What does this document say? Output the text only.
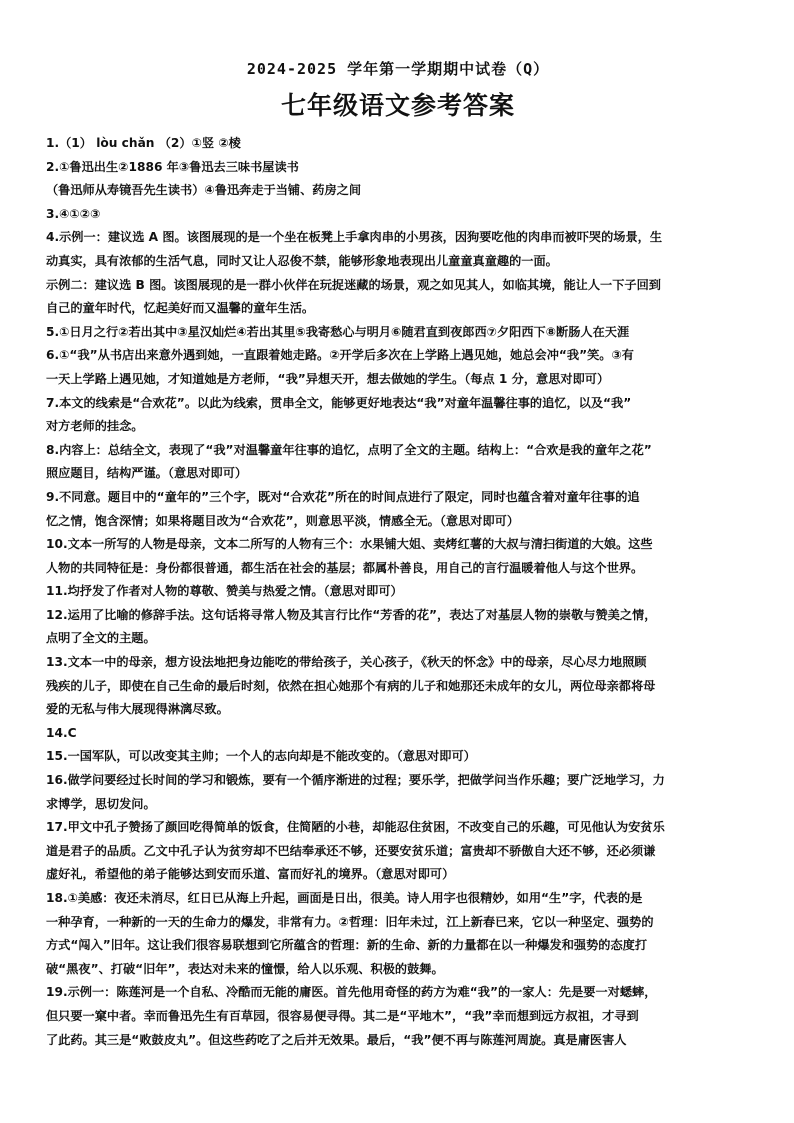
2024-2025 学年第一学期期中试卷（Q）
七年级语文参考答案
1.（1） lòu chǎn （2）①竖 ②棱
2.①鲁迅出生②1886 年③鲁迅去三味书屋读书
（鲁迅师从寿镜吾先生读书）④鲁迅奔走于当铺、药房之间
3.④①②③
4.示例一：建议选 A 图。该图展现的是一个坐在板凳上手拿肉串的小男孩，因狗要吃他的肉串而被吓哭的场景，生
动真实，具有浓郁的生活气息，同时又让人忍俊不禁，能够形象地表现出儿童童真童趣的一面。
示例二：建议选 B 图。该图展现的是一群小伙伴在玩捉迷藏的场景，观之如见其人，如临其境，能让人一下子回到
自己的童年时代，忆起美好而又温馨的童年生活。
5.①日月之行②若出其中③星汉灿烂④若出其里⑤我寄愁心与明月⑥随君直到夜郎西⑦夕阳西下⑧断肠人在天涯
6.①“我”从书店出来意外遇到她，一直跟着她走路。②开学后多次在上学路上遇见她，她总会冲“我”笑。③有
一天上学路上遇见她，才知道她是方老师，“我”异想天开，想去做她的学生。（每点 1 分，意思对即可）
7.本文的线索是“合欢花”。以此为线索，贯串全文，能够更好地表达“我”对童年温馨往事的追忆，以及“我”
对方老师的挂念。
8.内容上：总结全文，表现了“我”对温馨童年往事的追忆，点明了全文的主题。结构上：“合欢是我的童年之花”
照应题目，结构严谨。（意思对即可）
9.不同意。题目中的“童年的”三个字，既对“合欢花”所在的时间点进行了限定，同时也蕴含着对童年往事的追
忆之情，饱含深情；如果将题目改为“合欢花”，则意思平淡，情感全无。（意思对即可）
10.文本一所写的人物是母亲，文本二所写的人物有三个：水果铺大姐、卖烤红薯的大叔与清扫街道的大娘。这些
人物的共同特征是：身份都很普通，都生活在社会的基层；都属朴善良，用自己的言行温暖着他人与这个世界。
11.均抒发了作者对人物的尊敬、赞美与热爱之情。（意思对即可）
12.运用了比喻的修辞手法。这句话将寻常人物及其言行比作“芳香的花”，表达了对基层人物的崇敬与赞美之情，
点明了全文的主题。
13.文本一中的母亲，想方设法地把身边能吃的带给孩子，关心孩子，《秋天的怀念》中的母亲，尽心尽力地照顾
残疾的儿子，即使在自己生命的最后时刻，依然在担心她那个有病的儿子和她那还未成年的女儿，两位母亲都将母
爱的无私与伟大展现得淋漓尽致。
14.C
15.一国军队，可以改变其主帅；一个人的志向却是不能改变的。（意思对即可）
16.做学问要经过长时间的学习和锻炼，要有一个循序渐进的过程；要乐学，把做学问当作乐趣；要广泛地学习，力
求博学，思切发问。
17.甲文中孔子赞扬了颜回吃得简单的饭食，住简陋的小巷，却能忍住贫困，不改变自己的乐趣，可见他认为安贫乐
道是君子的品质。乙文中孔子认为贫穷却不巴结奉承还不够，还要安贫乐道；富贵却不骄傲自大还不够，还必须谦
虚好礼，希望他的弟子能够达到安而乐道、富而好礼的境界。（意思对即可）
18.①美感：夜还未消尽，红日已从海上升起，画面是日出，很美。诗人用字也很精妙，如用“生”字，代表的是
一种孕育，一种新的一天的生命力的爆发，非常有力。②哲理：旧年未过，江上新春已来，它以一种坚定、强势的
方式“闯入”旧年。这让我们很容易联想到它所蕴含的哲理：新的生命、新的力量都在以一种爆发和强势的态度打
破“黑夜”、打破“旧年”，表达对未来的憧憬，给人以乐观、积极的鼓舞。
19.示例一：陈莲河是一个自私、冷酷而无能的庸医。首先他用奇怪的药方为难“我”的一家人：先是要一对蟋蟀，
但只要一窠中者。幸而鲁迅先生有百草园，很容易便寻得。其二是“平地木”，“我”幸而想到远方叔祖，才寻到
了此药。其三是“败鼓皮丸”。但这些药吃了之后并无效果。最后，“我”便不再与陈莲河周旋。真是庸医害人
